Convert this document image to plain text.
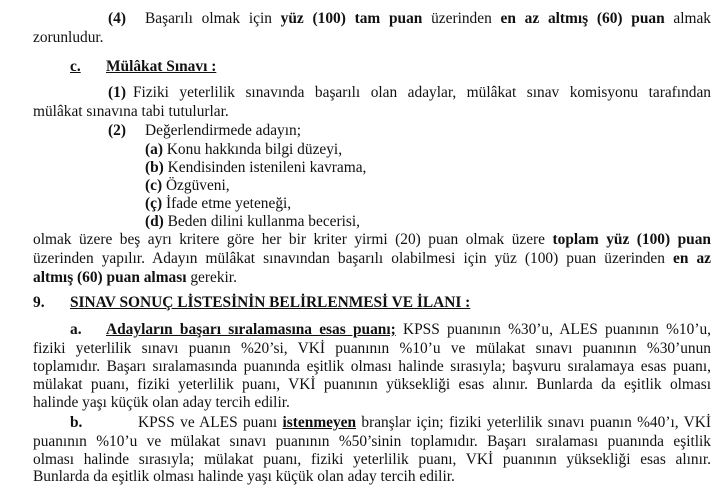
(4) Başarılı olmak için yüz (100) tam puan üzerinden en az altmış (60) puan almak
zorunludur.
c. Mülâkat Sınavı :
(1) Fiziki yeterlilik sınavında başarılı olan adaylar, mülâkat sınav komisyonu tarafından
mülâkat sınavına tabi tutulurlar.
(2) Değerlendirmede adayın;
(a) Konu hakkında bilgi düzeyi,
(b) Kendisinden istenileni kavrama,
(c) Özgüveni,
(ç) İfade etme yeteneği,
(d) Beden dilini kullanma becerisi,
olmak üzere beş ayrı kritere göre her bir kriter yirmi (20) puan olmak üzere toplam yüz (100) puan
üzerinden yapılır. Adayın mülâkat sınavından başarılı olabilmesi için yüz (100) puan üzerinden en az
altmış (60) puan alması gerekir.
9. SINAV SONUÇ LİSTESİNİN BELİRLENMESİ VE İLANI :
a. Adayların başarı sıralamasına esas puanı; KPSS puanının %30’u, ALES puanının %10’u,
fiziki yeterlilik sınavı puanın %20’si, VKİ puanının %10’u ve mülakat sınavı puanının %30’unun
toplamıdır. Başarı sıralamasında puanında eşitlik olması halinde sırasıyla; başvuru sıralamaya esas puanı,
mülakat puanı, fiziki yeterlilik puanı, VKİ puanının yüksekliği esas alınır. Bunlarda da eşitlik olması
halinde yaşı küçük olan aday tercih edilir.
b.	KPSS ve ALES puanı istenmeyen branşlar için; fiziki yeterlilik sınavı puanın %40’ı, VKİ
puanının %10’u ve mülakat sınavı puanının %50’sinin toplamıdır. Başarı sıralaması puanında eşitlik
olması halinde sırasıyla; mülakat puanı, fiziki yeterlilik puanı, VKİ puanının yüksekliği esas alınır.
Bunlarda da eşitlik olması halinde yaşı küçük olan aday tercih edilir.
